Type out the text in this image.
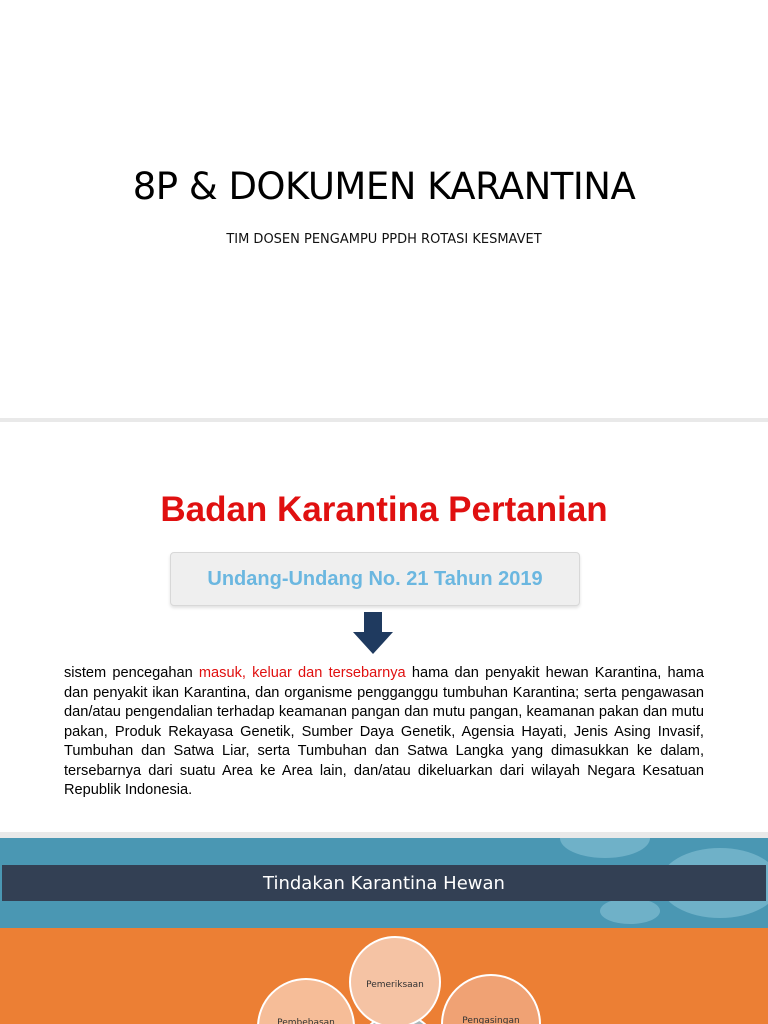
8P & DOKUMEN KARANTINA
TIM DOSEN PENGAMPU PPDH ROTASI KESMAVET
Badan Karantina Pertanian
Undang-Undang No. 21 Tahun 2019
sistem pencegahan masuk, keluar dan tersebarnya hama dan penyakit hewan Karantina, hama dan penyakit ikan Karantina, dan organisme pengganggu tumbuhan Karantina; serta pengawasan dan/atau pengendalian terhadap keamanan pangan dan mutu pangan, keamanan pakan dan mutu pakan, Produk Rekayasa Genetik, Sumber Daya Genetik, Agensia Hayati, Jenis Asing Invasif, Tumbuhan dan Satwa Liar, serta Tumbuhan dan Satwa Langka yang dimasukkan ke dalam, tersebarnya dari suatu Area ke Area lain, dan/atau dikeluarkan dari wilayah Negara Kesatuan Republik Indonesia.
Tindakan Karantina Hewan
Pembebasan	Pengasingan
Pemeriksaan
